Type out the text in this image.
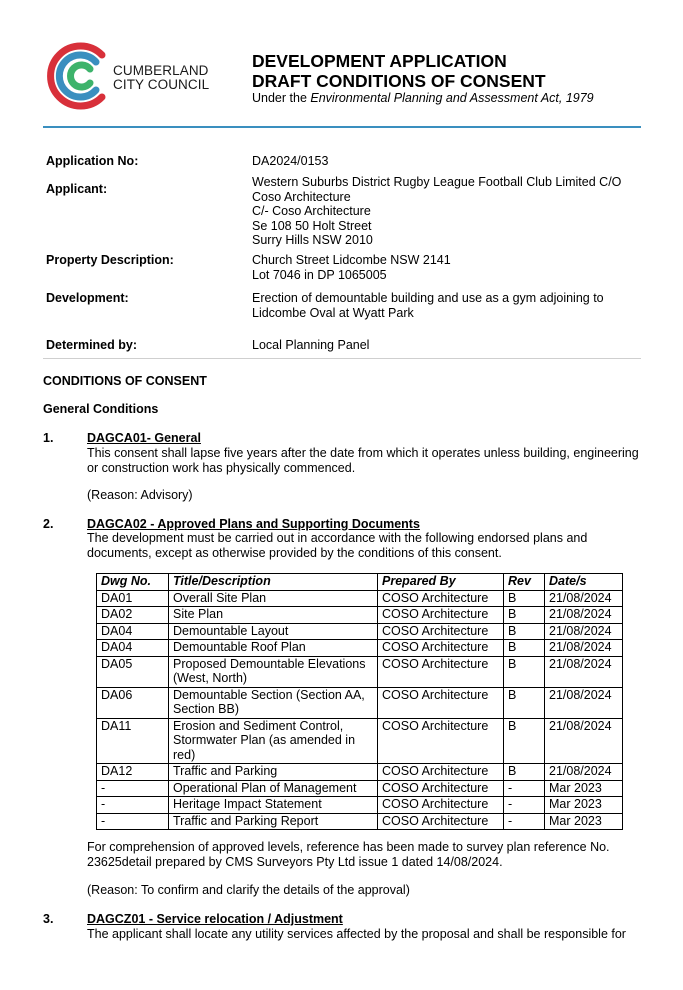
CUMBERLAND
CITY COUNCIL
DEVELOPMENT APPLICATION
DRAFT CONDITIONS OF CONSENT
Under the Environmental Planning and Assessment Act, 1979
Application No:	DA2024/0153
Applicant:	Western Suburbs District Rugby League Football Club Limited C/O
Coso Architecture
C/- Coso Architecture
Se 108 50 Holt Street
Surry Hills NSW 2010
Property Description:	Church Street Lidcombe NSW 2141
Lot 7046 in DP 1065005
Development:	Erection of demountable building and use as a gym adjoining to
Lidcombe Oval at Wyatt Park
Determined by:	Local Planning Panel
CONDITIONS OF CONSENT
General Conditions
1.	DAGCA01- General
This consent shall lapse five years after the date from which it operates unless building, engineering or construction work has physically commenced.
(Reason: Advisory)
2.	DAGCA02 - Approved Plans and Supporting Documents
The development must be carried out in accordance with the following endorsed plans and documents, except as otherwise provided by the conditions of this consent.
Dwg No.	Title/Description	Prepared By	Rev	Date/s
DA01	Overall Site Plan	COSO Architecture	B	21/08/2024
DA02	Site Plan	COSO Architecture	B	21/08/2024
DA04	Demountable Layout	COSO Architecture	B	21/08/2024
DA04	Demountable Roof Plan	COSO Architecture	B	21/08/2024
DA05	Proposed Demountable Elevations (West, North)	COSO Architecture	B	21/08/2024
DA06	Demountable Section (Section AA, Section BB)	COSO Architecture	B	21/08/2024
DA11	Erosion and Sediment Control, Stormwater Plan (as amended in red)	COSO Architecture	B	21/08/2024
DA12	Traffic and Parking	COSO Architecture	B	21/08/2024
-	Operational Plan of Management	COSO Architecture	-	Mar 2023
-	Heritage Impact Statement	COSO Architecture	-	Mar 2023
-	Traffic and Parking Report	COSO Architecture	-	Mar 2023
For comprehension of approved levels, reference has been made to survey plan reference No. 23625detail prepared by CMS Surveyors Pty Ltd issue 1 dated 14/08/2024.
(Reason: To confirm and clarify the details of the approval)
3.	DAGCZ01 - Service relocation / Adjustment
The applicant shall locate any utility services affected by the proposal and shall be responsible for
